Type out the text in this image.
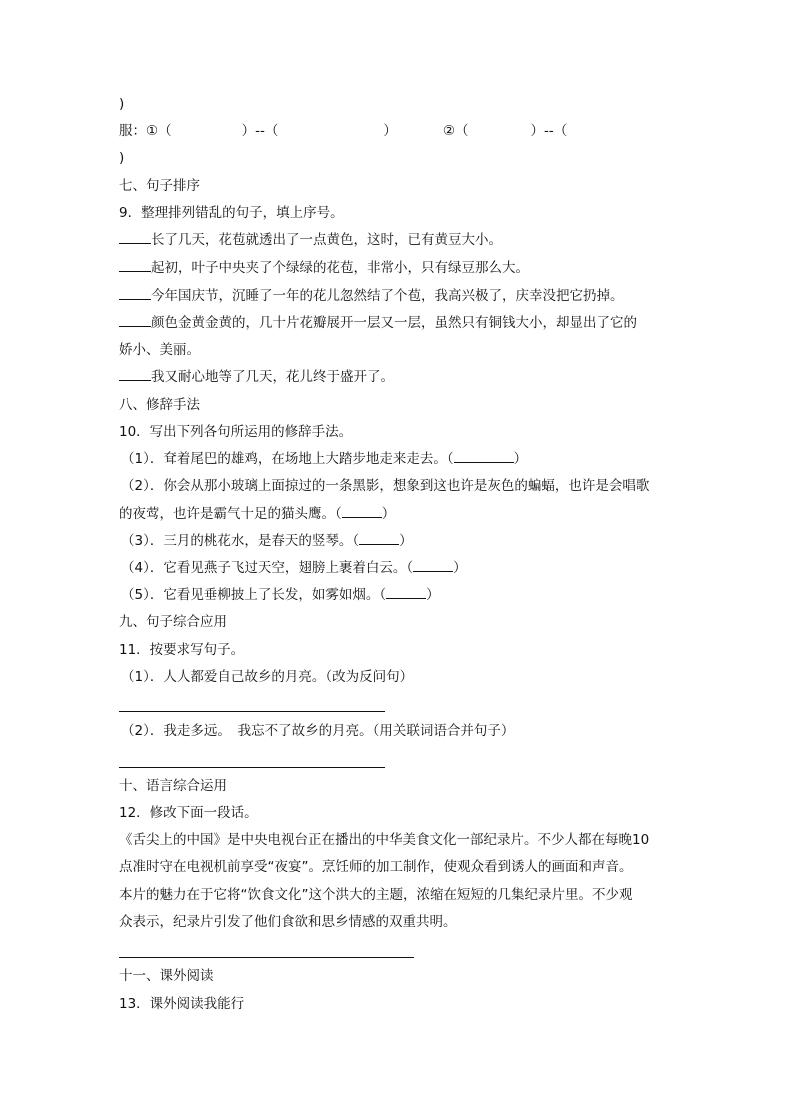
)
服：①（	）--（	）	②（	）--（
)
七、句子排序
9．整理排列错乱的句子，填上序号。
长了几天，花苞就透出了一点黄色，这时，已有黄豆大小。
起初，叶子中央夹了个绿绿的花苞，非常小，只有绿豆那么大。
今年国庆节，沉睡了一年的花儿忽然结了个苞，我高兴极了，庆幸没把它扔掉。
颜色金黄金黄的，几十片花瓣展开一层又一层，虽然只有铜钱大小，却显出了它的
娇小、美丽。
我又耐心地等了几天，花儿终于盛开了。
八、修辞手法
10．写出下列各句所运用的修辞手法。
（1）．耷着尾巴的雄鸡，在场地上大踏步地走来走去。（	）
（2）．你会从那小玻璃上面掠过的一条黑影，想象到这也许是灰色的蝙蝠，也许是会唱歌
的夜莺，也许是霸气十足的猫头鹰。（	）
（3）．三月的桃花水，是春天的竖琴。（	）
（4）．它看见燕子飞过天空，翅膀上裹着白云。（	）
（5）．它看见垂柳披上了长发，如雾如烟。（	）
九、句子综合应用
11．按要求写句子。
（1）．人人都爱自己故乡的月亮。（改为反问句）
（2）．我走多远。　我忘不了故乡的月亮。（用关联词语合并句子）
十、语言综合运用
12．修改下面一段话。
《舌尖上的中国》是中央电视台正在播出的中华美食文化一部纪录片。不少人都在每晚10
点准时守在电视机前享受“夜宴”。烹饪师的加工制作，使观众看到诱人的画面和声音。
本片的魅力在于它将“饮食文化”这个洪大的主题，浓缩在短短的几集纪录片里。不少观
众表示，纪录片引发了他们食欲和思乡情感的双重共明。
十一、课外阅读
13．课外阅读我能行
